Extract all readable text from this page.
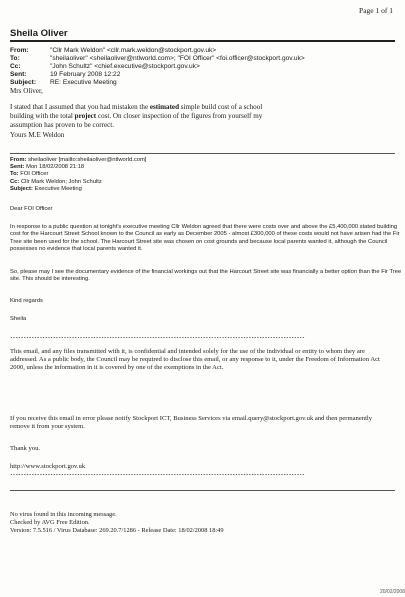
Page 1 of 1
Sheila Oliver
From:	"Cllr Mark Weldon" <cllr.mark.weldon@stockport.gov.uk>
To:	"sheilaoliver" <sheilaoliver@ntlworld.com>; "FOI Officer" <foi.officer@stockport.gov.uk>
Cc:	"John Schultz" <chief.executive@stockport.gov.uk>
Sent:	19 February 2008 12:22
Subject: RE: Executive Meeting
Mrs Oliver,

I stated that I assumed that you had mistaken the estimated simple build cost of a school

building with the total project cost. On closer inspection of the figures from yourself my

assumption has proven to be correct.

Yours M.E Weldon

From: sheilaoliver [mailto:sheilaoliver@ntlworld.com]

Sent: Mon 18/02/2008 21:18

To: FOI Officer

Cc: Cllr Mark Weldon; John Schultz

Subject: Executive Meeting

Dear FOI Officer
In response to a public question at tonight's executive meeting Cllr Weldon agreed that there were costs over and above the £5,400,000 stated building cost for the Harcourt Street School known to the Council as early as December 2005 - almost £300,000 of these costs would not have arisen had the Fir Tree site been used for the school. The Harcourt Street site was chosen on cost grounds and because local parents wanted it, although the Council possesses no evidence that local parents wanted it.
So, please may I see the documentary evidence of the financial workings out that the Harcourt Street site was financially a better option than the Fir Tree site. This should be interesting.
Kind regards
Sheila
**************************************************************************************************************
This email, and any files transmitted with it, is confidential and intended solely for the use of the individual or entity to whom they are addressed. As a public body, the Council may be required to disclose this email, or any response to it, under the Freedom of Information Act 2000, unless the information in it is covered by one of the exemptions in the Act.
If you receive this email in error please notify Stockport ICT, Business Services via email.query@stockport.gov.uk and then permanently remove it from your system.
Thank you.
http://www.stockport.gov.uk
**************************************************************************************************************

No virus found in this incoming message.

Checked by AVG Free Edition.

Version: 7.5.516 / Virus Database: 269.20.7/1286 - Release Date: 18/02/2008 18:49

20/02/2008
